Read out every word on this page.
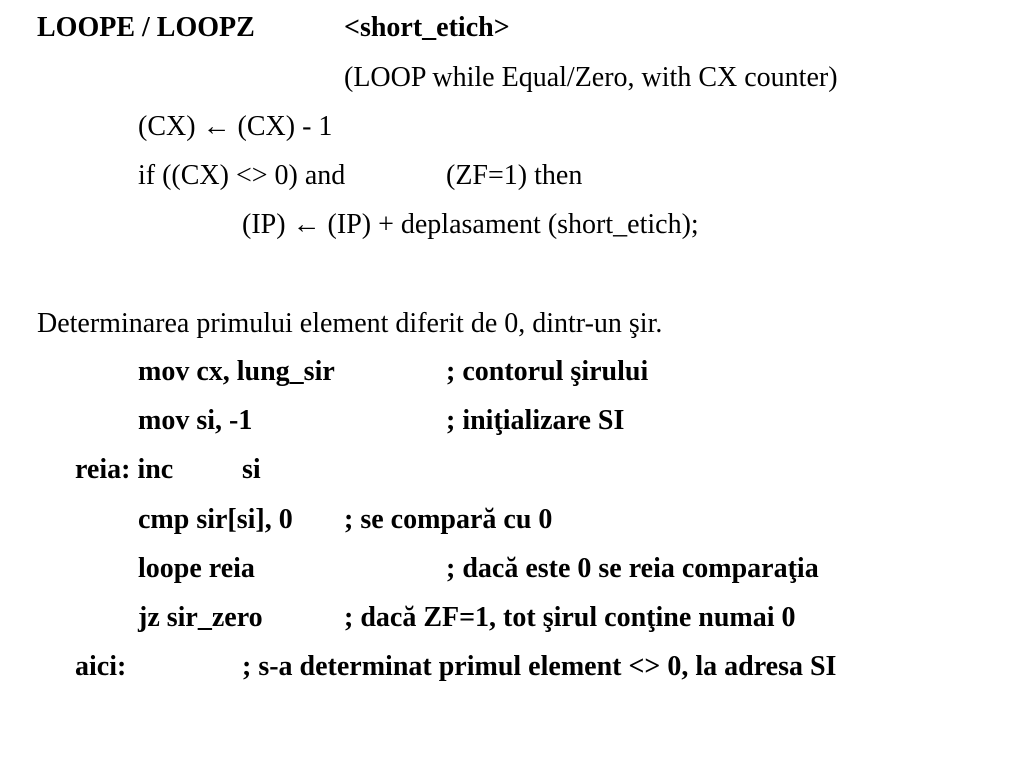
LOOPE / LOOPZ	<short_etich>
(LOOP while Equal/Zero, with CX counter)
(CX) ← (CX) - 1
if ((CX) <> 0) and	(ZF=1) then
(IP) ← (IP) + deplasament (short_etich);
Determinarea primului element diferit de 0, dintr-un şir.
mov cx, lung_sir	; contorul şirului
mov si, -1	; iniţializare SI
reia: inc si
cmp sir[si], 0 ; se compară cu 0
loope reia	; dacă este 0 se reia comparaţia
jz sir_zero	; dacă ZF=1, tot şirul conţine numai 0
aici:	; s-a determinat primul element <> 0, la adresa SI
